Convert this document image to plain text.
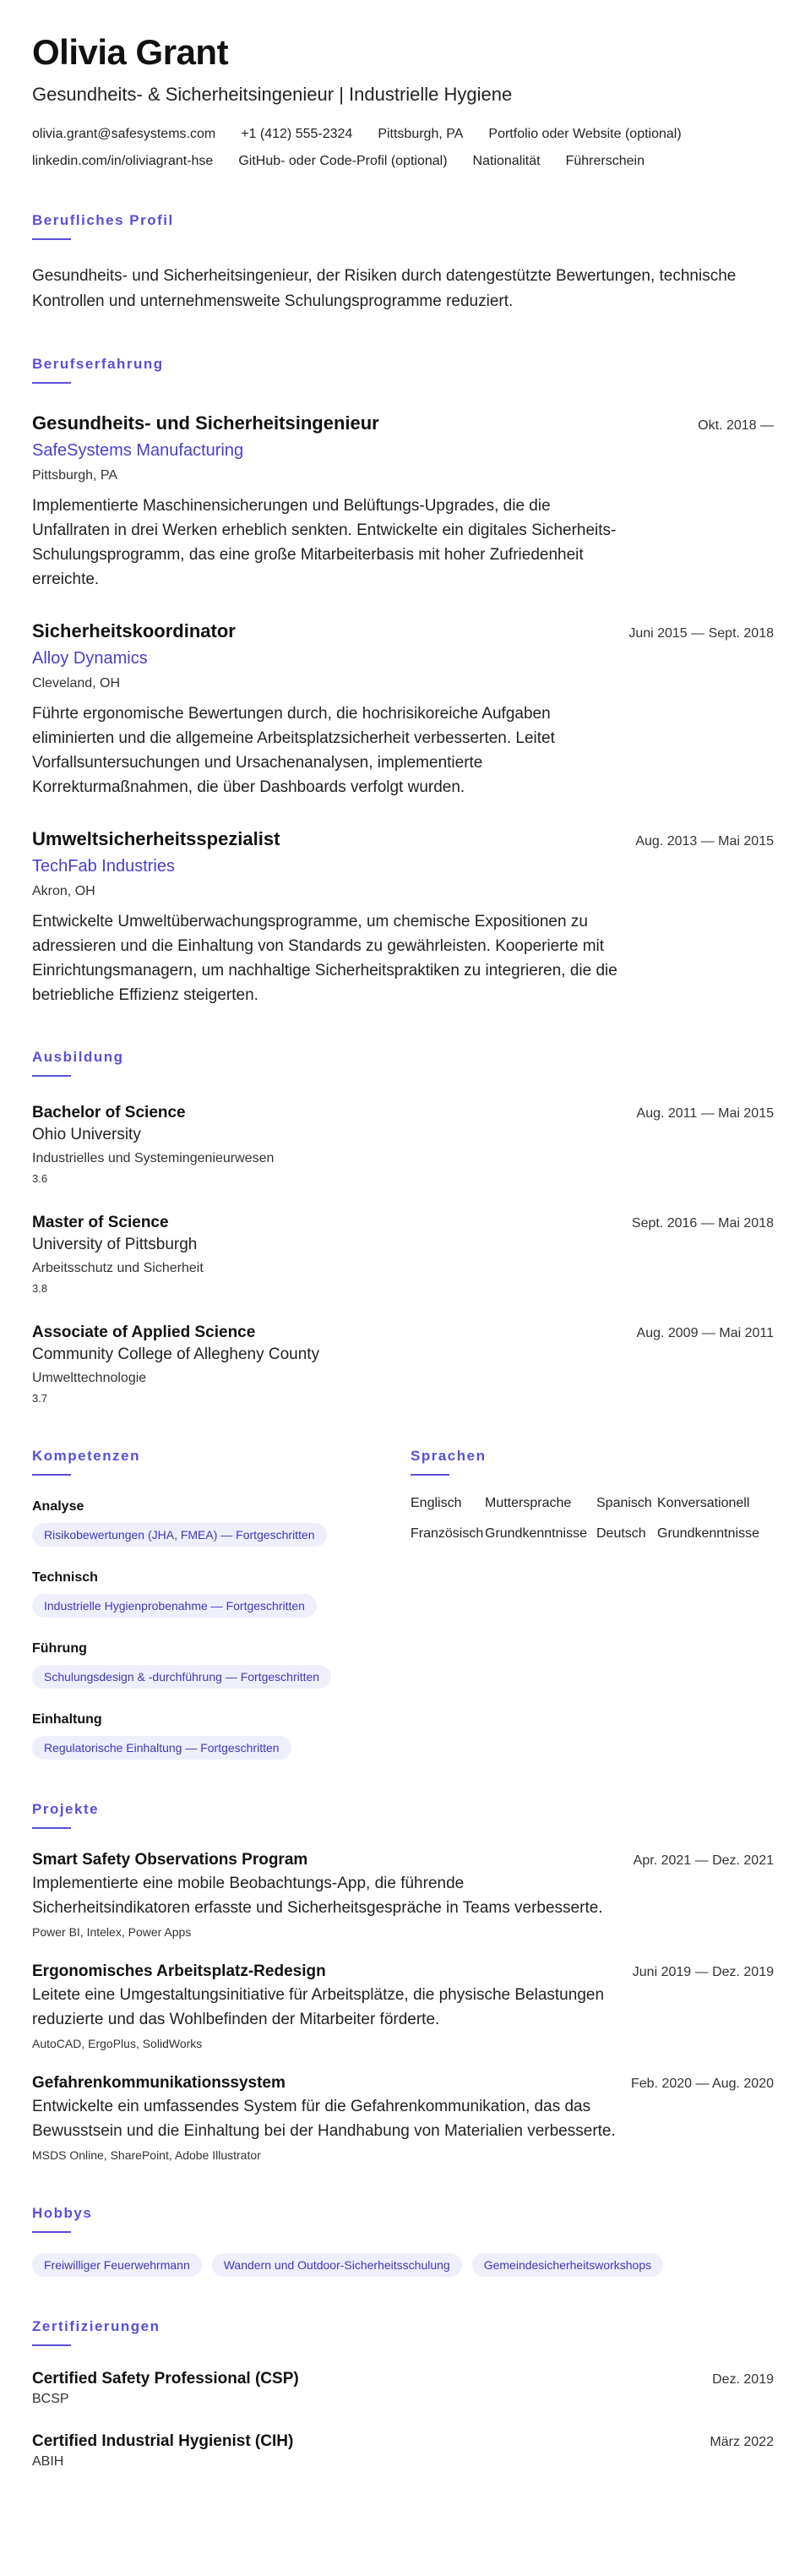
Olivia Grant
Gesundheits- & Sicherheitsingenieur | Industrielle Hygiene
olivia.grant@safesystems.com +1 (412) 555-2324 Pittsburgh, PA Portfolio oder Website (optional)
linkedin.com/in/oliviagrant-hse GitHub- oder Code-Profil (optional) Nationalität Führerschein
Berufliches Profil
Gesundheits- und Sicherheitsingenieur, der Risiken durch datengestützte Bewertungen, technische Kontrollen und unternehmensweite Schulungsprogramme reduziert.
Berufserfahrung
Gesundheits- und Sicherheitsingenieur	Okt. 2018 —
SafeSystems Manufacturing
Pittsburgh, PA
Implementierte Maschinensicherungen und Belüftungs-Upgrades, die die Unfallraten in drei Werken erheblich senkten. Entwickelte ein digitales Sicherheits-Schulungsprogramm, das eine große Mitarbeiterbasis mit hoher Zufriedenheit erreichte.
Sicherheitskoordinator	Juni 2015 — Sept. 2018
Alloy Dynamics
Cleveland, OH
Führte ergonomische Bewertungen durch, die hochrisikoreiche Aufgaben eliminierten und die allgemeine Arbeitsplatzsicherheit verbesserten. Leitet Vorfallsuntersuchungen und Ursachenanalysen, implementierte Korrekturmaßnahmen, die über Dashboards verfolgt wurden.
Umweltsicherheitsspezialist	Aug. 2013 — Mai 2015
TechFab Industries
Akron, OH
Entwickelte Umweltüberwachungsprogramme, um chemische Expositionen zu adressieren und die Einhaltung von Standards zu gewährleisten. Kooperierte mit Einrichtungsmanagern, um nachhaltige Sicherheitspraktiken zu integrieren, die die betriebliche Effizienz steigerten.
Ausbildung
Bachelor of Science	Aug. 2011 — Mai 2015
Ohio University
Industrielles und Systemingenieurwesen
3.6
Master of Science	Sept. 2016 — Mai 2018
University of Pittsburgh
Arbeitsschutz und Sicherheit
3.8
Associate of Applied Science	Aug. 2009 — Mai 2011
Community College of Allegheny County
Umwelttechnologie
3.7
Kompetenzen
Analyse
Risikobewertungen (JHA, FMEA) — Fortgeschritten
Technisch
Industrielle Hygienprobenahme — Fortgeschritten
Führung
Schulungsdesign & -durchführung — Fortgeschritten
Einhaltung
Regulatorische Einhaltung — Fortgeschritten
Sprachen
Englisch	Muttersprache	Spanisch Konversationell
Französisch Grundkenntnisse Deutsch Grundkenntnisse
Projekte
Smart Safety Observations Program	Apr. 2021 — Dez. 2021
Implementierte eine mobile Beobachtungs-App, die führende Sicherheitsindikatoren erfasste und Sicherheitsgespräche in Teams verbesserte.
Power BI, Intelex, Power Apps
Ergonomisches Arbeitsplatz-Redesign	Juni 2019 — Dez. 2019
Leitete eine Umgestaltungsinitiative für Arbeitsplätze, die physische Belastungen reduzierte und das Wohlbefinden der Mitarbeiter förderte.
AutoCAD, ErgoPlus, SolidWorks
Gefahrenkommunikationssystem	Feb. 2020 — Aug. 2020
Entwickelte ein umfassendes System für die Gefahrenkommunikation, das das Bewusstsein und die Einhaltung bei der Handhabung von Materialien verbesserte.
MSDS Online, SharePoint, Adobe Illustrator
Hobbys
Freiwilliger Feuerwehrmann	Wandern und Outdoor-Sicherheitsschulung	Gemeindesicherheitsworkshops
Zertifizierungen
Certified Safety Professional (CSP)	Dez. 2019
BCSP
Certified Industrial Hygienist (CIH)	März 2022
ABIH
